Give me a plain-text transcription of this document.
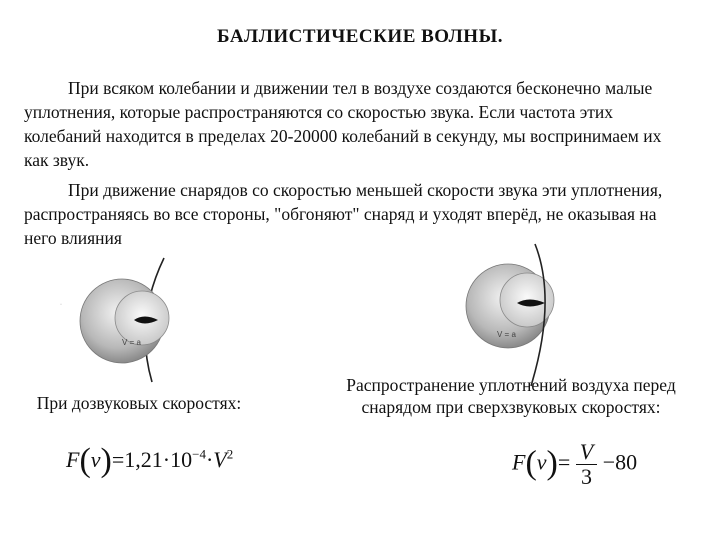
БАЛЛИСТИЧЕСКИЕ ВОЛНЫ.

При всяком колебании и движении тел в воздухе создаются бесконечно малые уплотнения, которые распространяются со скоростью звука. Если частота этих колебаний находится в пределах 20-20000 колебаний в секунду, мы воспринимаем их как звук.

При движение снарядов со скоростью меньшей скорости звука эти уплотнения, распространяясь во все стороны, "обгоняют" снаряд и уходят вперёд, не оказывая на него влияния

V = a
·
V = a
При дозвуковых скоростях:
Распространение уплотнений воздуха перед снарядом при сверхзвуковых скоростях:
$F(v)=1,21\cdot 10^{-4}\cdot V^2$	$F(v)= \frac{V}{3} -80$
